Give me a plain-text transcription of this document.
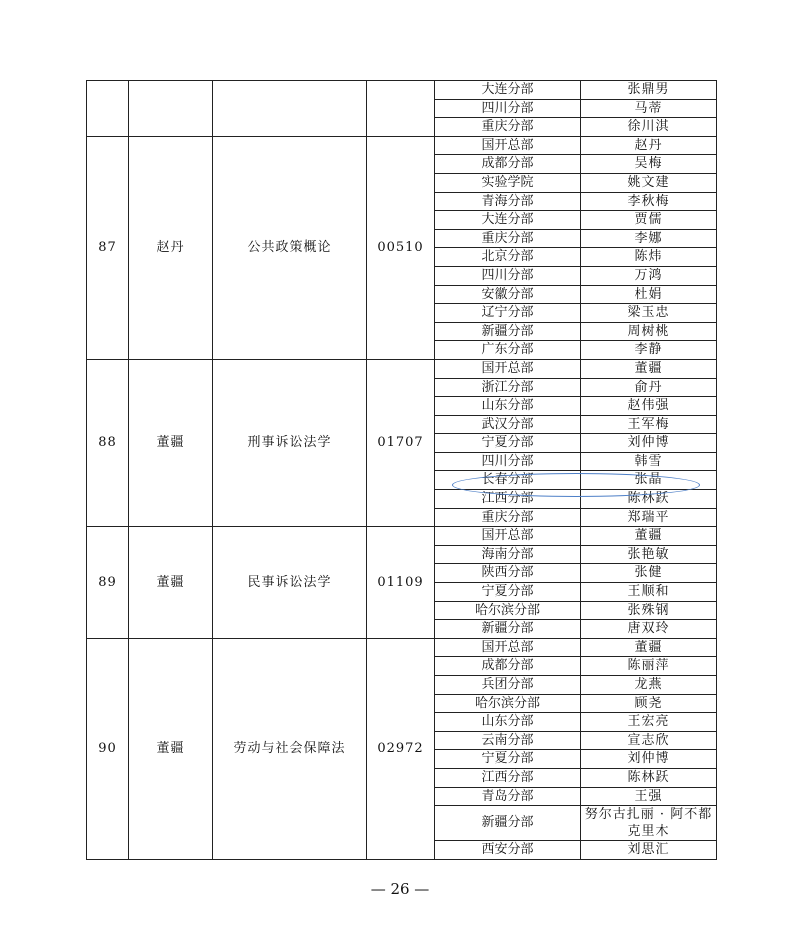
				大连分部	张鼎男
				四川分部	马蒂
				重庆分部	徐川淇
87	赵丹	公共政策概论	00510	国开总部	赵丹
				成都分部	吴梅
				实验学院	姚文建
				青海分部	李秋梅
				大连分部	贾儒
				重庆分部	李娜
				北京分部	陈炜
				四川分部	万鸿
				安徽分部	杜娟
				辽宁分部	梁玉忠
				新疆分部	周树桃
				广东分部	李静
88	董疆	刑事诉讼法学	01707	国开总部	董疆
				浙江分部	俞丹
				山东分部	赵伟强
				武汉分部	王军梅
				宁夏分部	刘仲博
				四川分部	韩雪
				长春分部	张晶
				江西分部	陈林跃
				重庆分部	郑瑞平
89	董疆	民事诉讼法学	01109	国开总部	董疆
				海南分部	张艳敏
				陕西分部	张健
				宁夏分部	王顺和
				哈尔滨分部	张殊钢
				新疆分部	唐双玲
90	董疆	劳动与社会保障法	02972	国开总部	董疆
				成都分部	陈丽萍
				兵团分部	龙燕
				哈尔滨分部	顾尧
				山东分部	王宏亮
				云南分部	宣志欣
				宁夏分部	刘仲博
				江西分部	陈林跃
				青岛分部	王强
				新疆分部	努尔古扎丽 · 阿不都克里木
				西安分部	刘思汇
— 26 —
